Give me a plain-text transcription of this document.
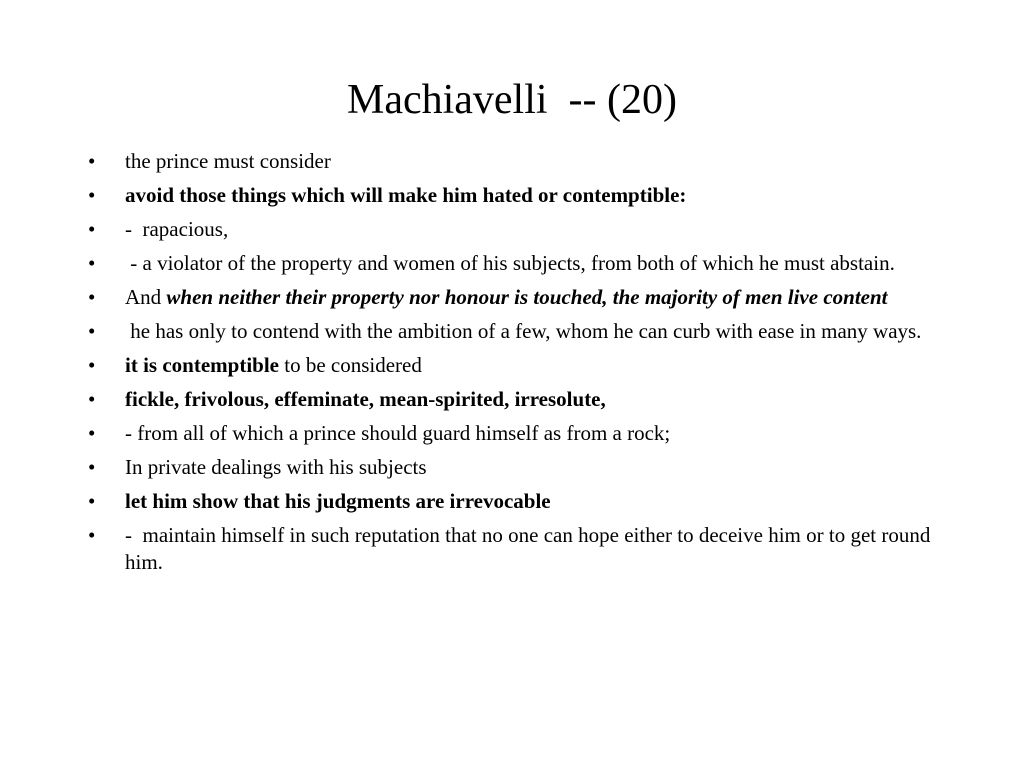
Machiavelli  -- (20)
• the prince must consider
• avoid those things which will make him hated or contemptible:
• -  rapacious,
• - a violator of the property and women of his subjects, from both of which he must abstain.
• And when neither their property nor honour is touched, the majority of men live content
• he has only to contend with the ambition of a few, whom he can curb with ease in many ways.
• it is contemptible to be considered
• fickle, frivolous, effeminate, mean-spirited, irresolute,
• - from all of which a prince should guard himself as from a rock;
• In private dealings with his subjects
• let him show that his judgments are irrevocable
• -  maintain himself in such reputation that no one can hope either to deceive him or to get round him.
